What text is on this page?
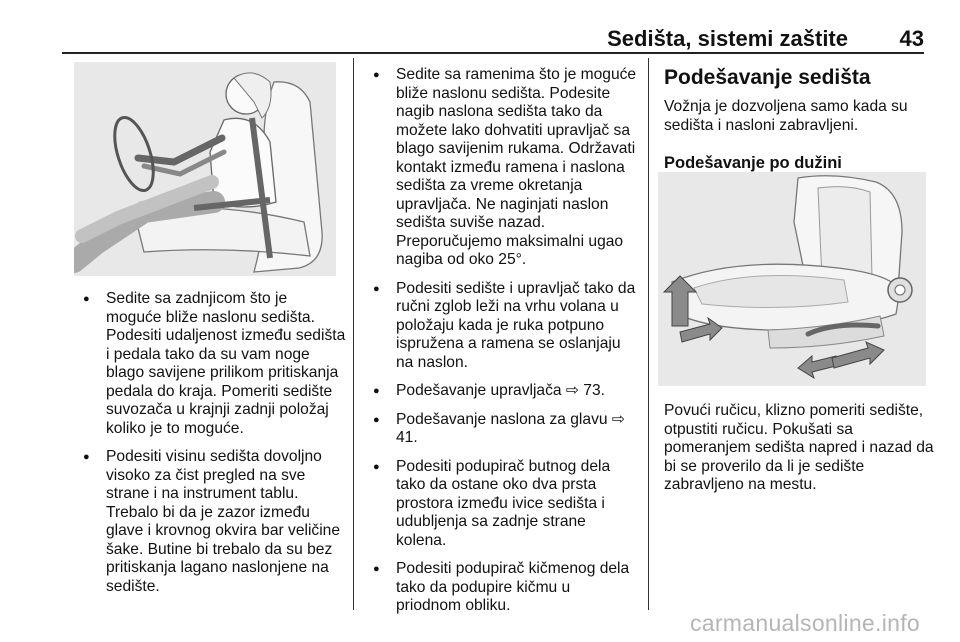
Sedišta, sistemi zaštite 43
● Sedite sa zadnjicom što je moguće bliže naslonu sedišta. Podesiti udaljenost između sedišta i pedala tako da su vam noge blago savijene prilikom pritiskanja pedala do kraja. Pomeriti sedište suvozača u krajnji zadnji položaj koliko je to moguće.
● Podesiti visinu sedišta dovoljno visoko za čist pregled na sve strane i na instrument tablu. Trebalo bi da je zazor između glave i krovnog okvira bar veličine šake. Butine bi trebalo da su bez pritiskanja lagano naslonjene na sedište.
● Sedite sa ramenima što je moguće bliže naslonu sedišta. Podesite nagib naslona sedišta tako da možete lako dohvatiti upravljač sa blago savijenim rukama. Održavati kontakt između ramena i naslona sedišta za vreme okretanja upravljača. Ne naginjati naslon sedišta suviše nazad. Preporučujemo maksimalni ugao nagiba od oko 25°.
● Podesiti sedište i upravljač tako da ručni zglob leži na vrhu volana u položaju kada je ruka potpuno ispružena a ramena se oslanjaju na naslon.
● Podešavanje upravljača ⇨ 73.
● Podešavanje naslona za glavu ⇨ 41.
● Podesiti podupirač butnog dela tako da ostane oko dva prsta prostora između ivice sedišta i udubljenja sa zadnje strane kolena.
● Podesiti podupirač kičmenog dela tako da podupire kičmu u priodnom obliku.
Podešavanje sedišta
Vožnja je dozvoljena samo kada su sedišta i nasloni zabravljeni.
Podešavanje po dužini
Povući ručicu, klizno pomeriti sedište, otpustiti ručicu. Pokušati sa pomeranjem sedišta napred i nazad da bi se proverilo da li je sedište zabravljeno na mestu.
carmanualsonline.info
